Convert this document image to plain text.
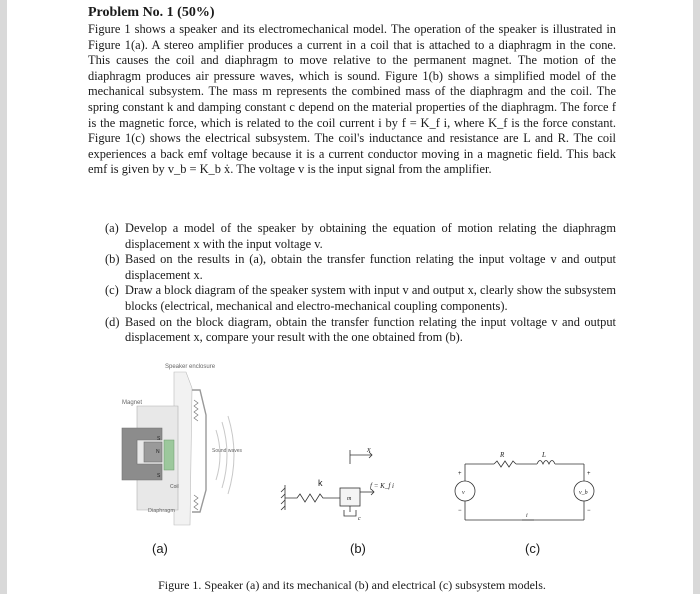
Problem No. 1 (50%)
Figure 1 shows a speaker and its electromechanical model. The operation of the speaker is illustrated in Figure 1(a). A stereo amplifier produces a current in a coil that is attached to a diaphragm in the cone. This causes the coil and diaphragm to move relative to the permanent magnet. The motion of the diaphragm produces air pressure waves, which is sound. Figure 1(b) shows a simplified model of the mechanical subsystem. The mass m represents the combined mass of the diaphragm and the coil. The spring constant k and damping constant c depend on the material properties of the diaphragm. The force f is the magnetic force, which is related to the coil current i by f = K_f i, where K_f is the force constant. Figure 1(c) shows the electrical subsystem. The coil's inductance and resistance are L and R. The coil experiences a back emf voltage because it is a current conductor moving in a magnetic field. This back emf is given by v_b = K_b ẋ. The voltage v is the input signal from the amplifier.
(a) Develop a model of the speaker by obtaining the equation of motion relating the diaphragm displacement x with the input voltage v.
(b) Based on the results in (a), obtain the transfer function relating the input voltage v and output displacement x.
(c) Draw a block diagram of the speaker system with input v and output x, clearly show the subsystem blocks (electrical, mechanical and electro-mechanical coupling components).
(d) Based on the block diagram, obtain the transfer function relating the input voltage v and output displacement x, compare your result with the one obtained from (b).
Speaker enclosure
Magnet
S
N
S
Coil
Sound waves
Diaphragm
x
k
m
c
f = K_f i
R	L
v	v_b
i
+
−
+
−
(a)	(b)	(c)
Figure 1. Speaker (a) and its mechanical (b) and electrical (c) subsystem models.
